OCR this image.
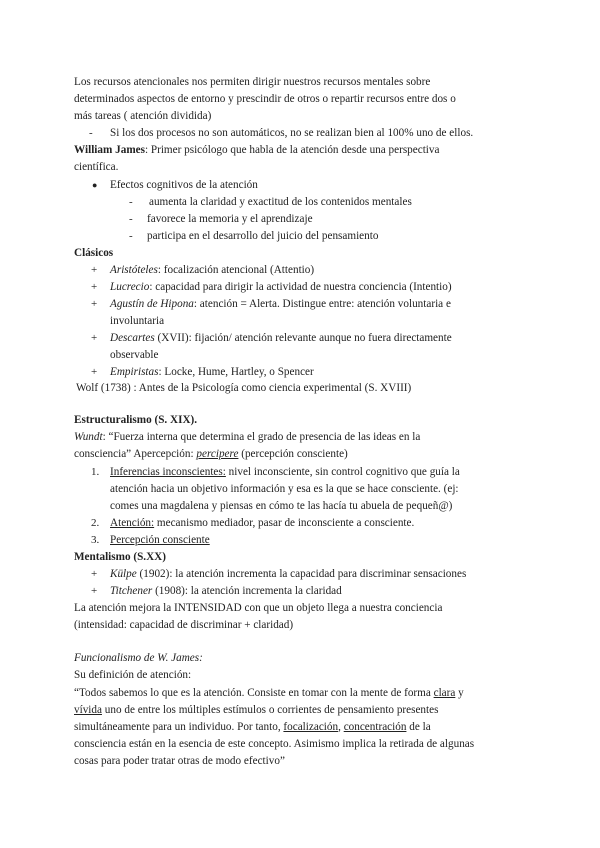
Los recursos atencionales nos permiten dirigir nuestros recursos mentales sobre
determinados aspectos de entorno y prescindir de otros o repartir recursos entre dos o
más tareas ( atención dividida)
- Si los dos procesos no son automáticos, no se realizan bien al 100% uno de ellos.
William James: Primer psicólogo que habla de la atención desde una perspectiva
científica.
● Efectos cognitivos de la atención
- aumenta la claridad y exactitud de los contenidos mentales
- favorece la memoria y el aprendizaje
- participa en el desarrollo del juicio del pensamiento
Clásicos
+ Aristóteles: focalización atencional (Attentio)
+ Lucrecio: capacidad para dirigir la actividad de nuestra conciencia (Intentio)
+ Agustín de Hipona: atención = Alerta. Distingue entre: atención voluntaria e
involuntaria
+ Descartes (XVII): fijación/ atención relevante aunque no fuera directamente
observable
+ Empiristas: Locke, Hume, Hartley, o Spencer
Wolf (1738) : Antes de la Psicología como ciencia experimental (S. XVIII)
Estructuralismo (S. XIX).
Wundt: “Fuerza interna que determina el grado de presencia de las ideas en la
consciencia” Apercepción: percipere (percepción consciente)
1. Inferencias inconscientes: nivel inconsciente, sin control cognitivo que guía la
atención hacia un objetivo información y esa es la que se hace consciente. (ej:
comes una magdalena y piensas en cómo te las hacía tu abuela de pequeñ@)
2. Atención: mecanismo mediador, pasar de inconsciente a consciente.
3. Percepción consciente
Mentalismo (S.XX)
+ Külpe (1902): la atención incrementa la capacidad para discriminar sensaciones
+ Titchener (1908): la atención incrementa la claridad
La atención mejora la INTENSIDAD con que un objeto llega a nuestra conciencia
(intensidad: capacidad de discriminar + claridad)
Funcionalismo de W. James:
Su definición de atención:
“Todos sabemos lo que es la atención. Consiste en tomar con la mente de forma clara y
vívida uno de entre los múltiples estímulos o corrientes de pensamiento presentes
simultáneamente para un individuo. Por tanto, focalización, concentración de la
consciencia están en la esencia de este concepto. Asimismo implica la retirada de algunas
cosas para poder tratar otras de modo efectivo”
